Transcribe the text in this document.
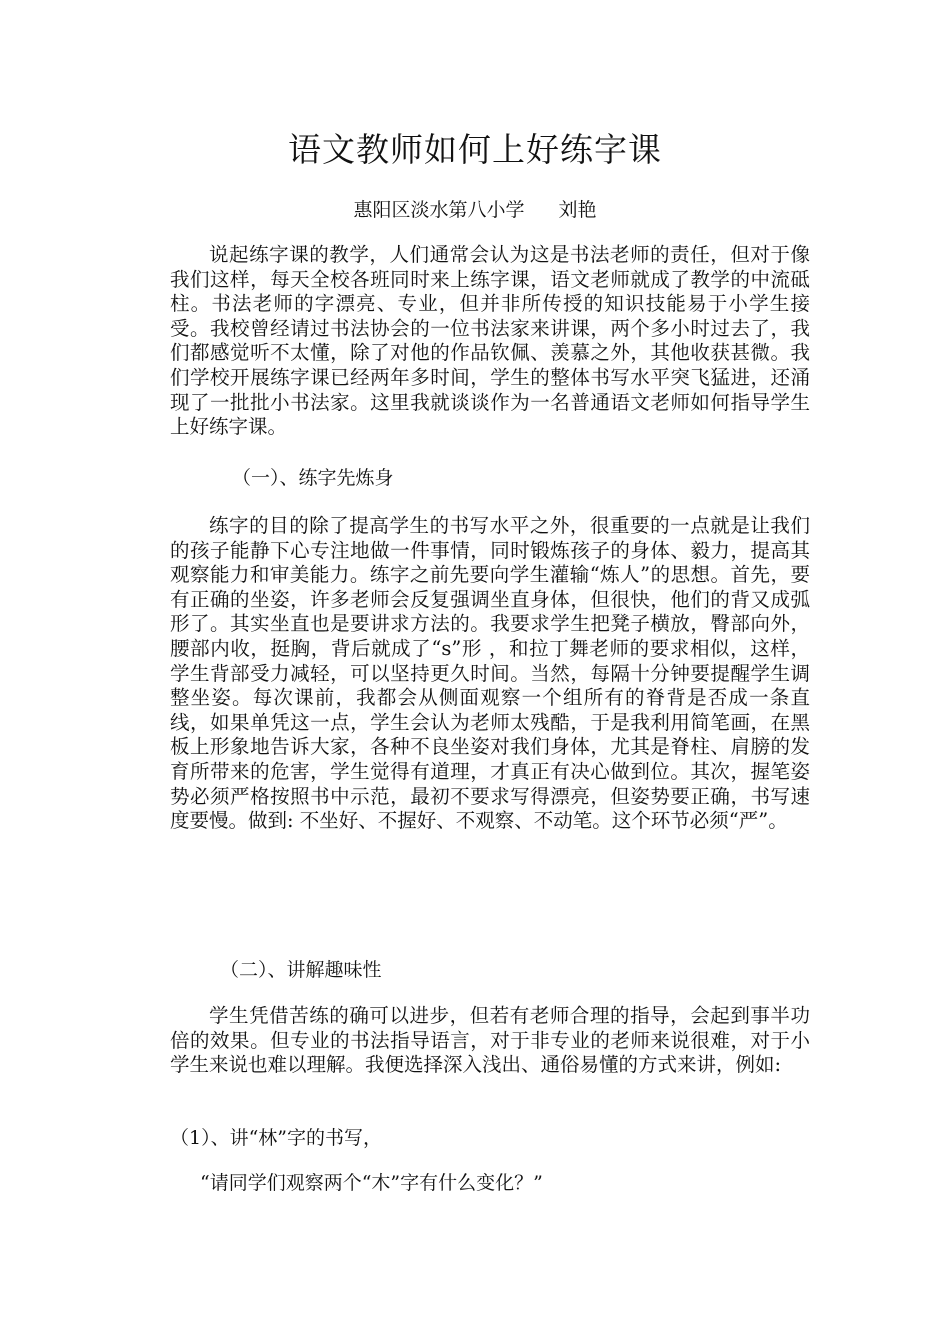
语文教师如何上好练字课

惠阳区淡水第八小学 刘艳

说起练字课的教学，人们通常会认为这是书法老师的责任，但对于像我们这样，每天全校各班同时来上练字课，语文老师就成了教学的中流砥柱。书法老师的字漂亮、专业，但并非所传授的知识技能易于小学生接受。我校曾经请过书法协会的一位书法家来讲课，两个多小时过去了，我们都感觉听不太懂，除了对他的作品钦佩、羡慕之外，其他收获甚微。我们学校开展练字课已经两年多时间，学生的整体书写水平突飞猛进，还涌现了一批批小书法家。这里我就谈谈作为一名普通语文老师如何指导学生上好练字课。

（一）、练字先炼身

练字的目的除了提高学生的书写水平之外，很重要的一点就是让我们的孩子能静下心专注地做一件事情，同时锻炼孩子的身体、毅力，提高其观察能力和审美能力。练字之前先要向学生灌输“炼人”的思想。首先，要有正确的坐姿，许多老师会反复强调坐直身体，但很快，他们的背又成弧形了。其实坐直也是要讲求方法的。我要求学生把凳子横放，臀部向外，腰部内收，挺胸，背后就成了“s”形 ，和拉丁舞老师的要求相似，这样，学生背部受力减轻，可以坚持更久时间。当然，每隔十分钟要提醒学生调整坐姿。每次课前，我都会从侧面观察一个组所有的脊背是否成一条直线，如果单凭这一点，学生会认为老师太残酷，于是我利用简笔画，在黑板上形象地告诉大家，各种不良坐姿对我们身体，尤其是脊柱、肩膀的发育所带来的危害，学生觉得有道理，才真正有决心做到位。其次，握笔姿势必须严格按照书中示范，最初不要求写得漂亮，但姿势要正确，书写速度要慢。做到: 不坐好、不握好、不观察、不动笔。这个环节必须“严”。

（二）、讲解趣味性

学生凭借苦练的确可以进步，但若有老师合理的指导，会起到事半功倍的效果。但专业的书法指导语言，对于非专业的老师来说很难，对于小学生来说也难以理解。我便选择深入浅出、通俗易懂的方式来讲，例如:

（1）、讲“林”字的书写，

“请同学们观察两个“木”字有什么变化？”
